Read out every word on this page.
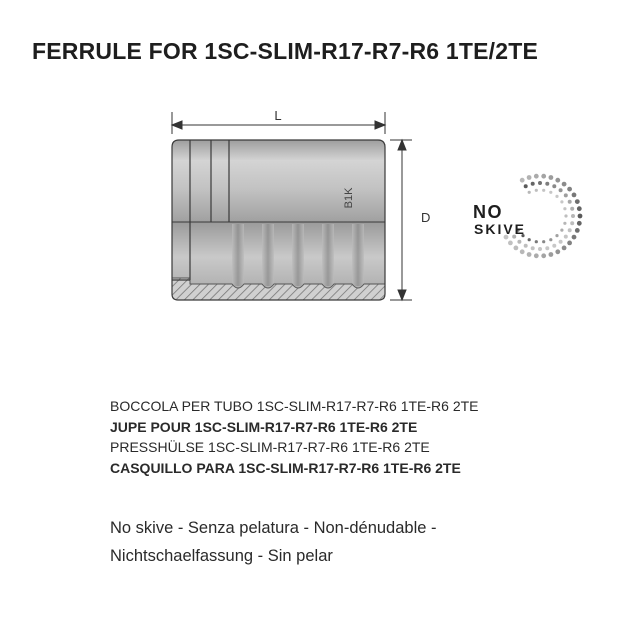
FERRULE FOR 1SC-SLIM-R17-R7-R6 1TE/2TE
L
D
B1K
NO
SKIVE
BOCCOLA PER TUBO 1SC-SLIM-R17-R7-R6 1TE-R6 2TE
JUPE POUR 1SC-SLIM-R17-R7-R6 1TE-R6 2TE
PRESSHÜLSE 1SC-SLIM-R17-R7-R6 1TE-R6 2TE
CASQUILLO PARA 1SC-SLIM-R17-R7-R6 1TE-R6 2TE
No skive - Senza pelatura - Non-dénudable -
Nichtschaelfassung - Sin pelar
